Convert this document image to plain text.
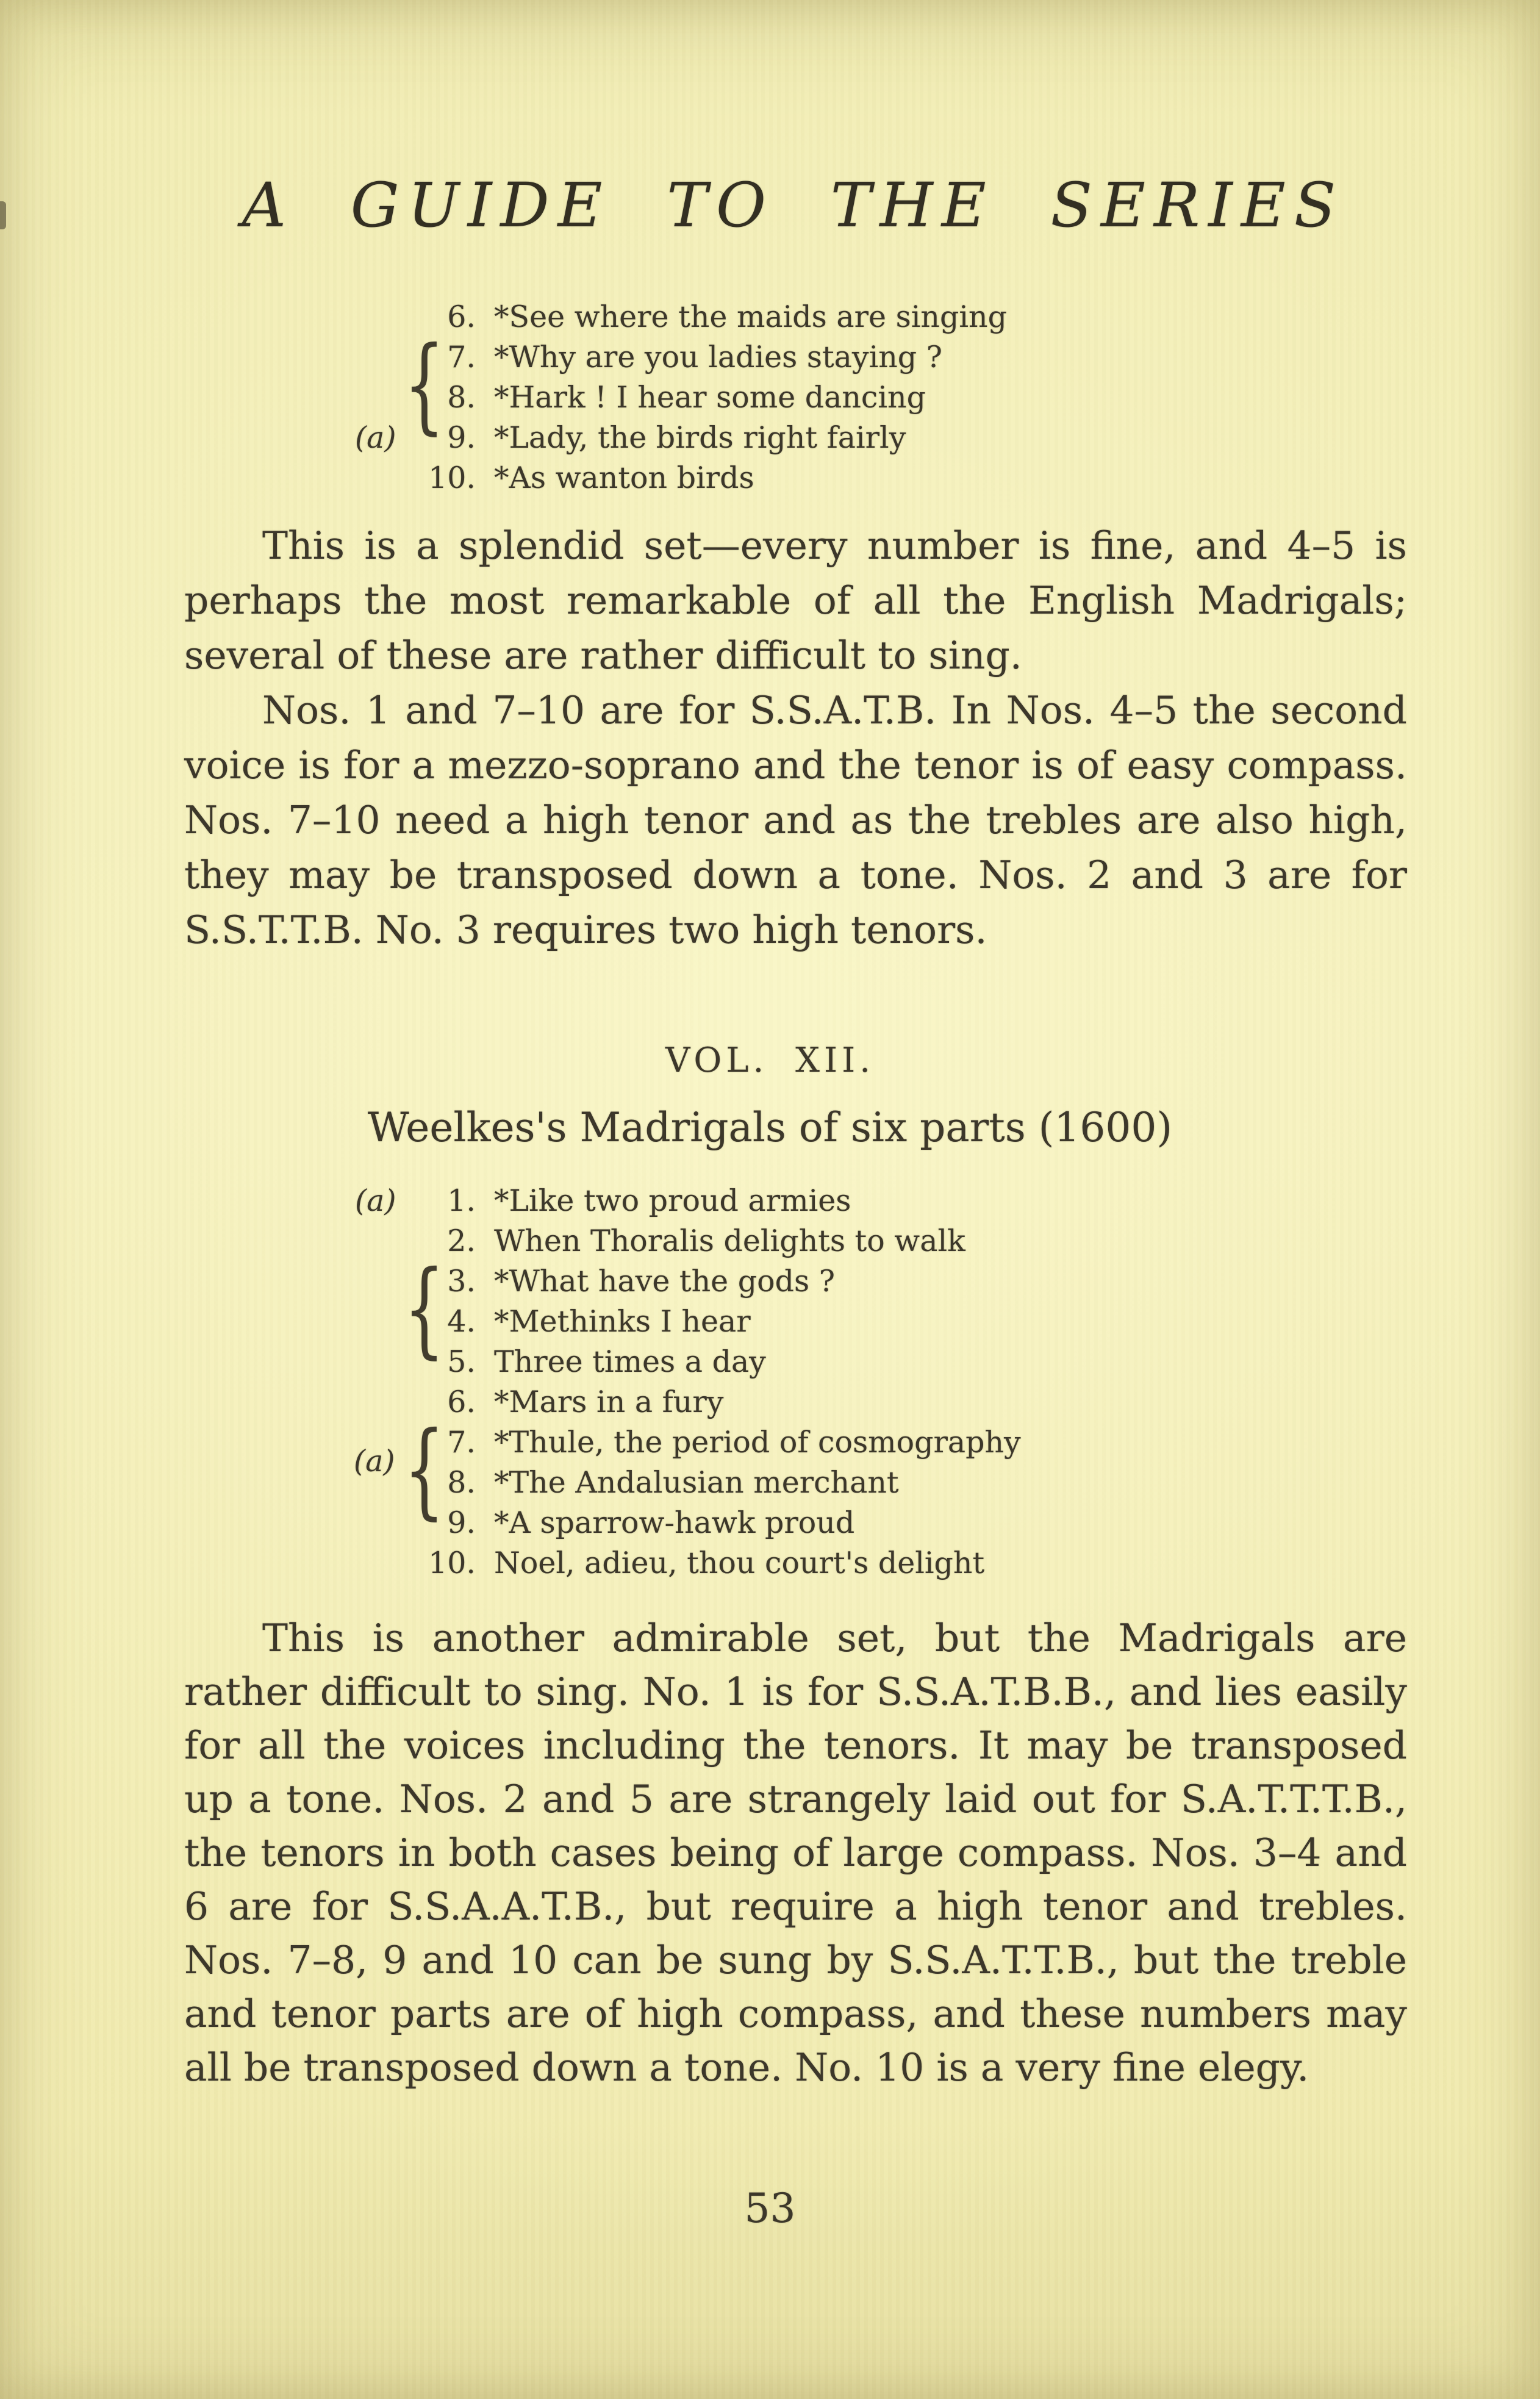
A GUIDE TO THE SERIES
6. *See where the maids are singing
7. *Why are you ladies staying ?
8. *Hark ! I hear some dancing
(a)	9. *Lady, the birds right fairly
10. *As wanton birds
{

This is a splendid set—every number is fine, and 4–5 is perhaps the most remarkable of all the English Madrigals; several of these are rather difficult to sing.

Nos. 1 and 7–10 are for S.S.A.T.B. In Nos. 4–5 the second voice is for a mezzo-soprano and the tenor is of easy compass. Nos. 7–10 need a high tenor and as the trebles are also high, they may be transposed down a tone. Nos. 2 and 3 are for S.S.T.T.B. No. 3 requires two high tenors.

VOL. XII.
Weelkes's Madrigals of six parts (1600)
(a)	1. *Like two proud armies
2. When Thoralis delights to walk
3. *What have the gods ?
4. *Methinks I hear
5. Three times a day
6. *Mars in a fury
7. *Thule, the period of cosmography
8. *The Andalusian merchant
9. *A sparrow-hawk proud
10. Noel, adieu, thou court's delight
{
{
(a)

This is another admirable set, but the Madrigals are rather difficult to sing. No. 1 is for S.S.A.T.B.B., and lies easily for all the voices including the tenors. It may be transposed up a tone. Nos. 2 and 5 are strangely laid out for S.A.T.T.T.B., the tenors in both cases being of large compass. Nos. 3–4 and 6 are for S.S.A.A.T.B., but require a high tenor and trebles. Nos. 7–8, 9 and 10 can be sung by S.S.A.T.T.B., but the treble and tenor parts are of high compass, and these numbers may all be transposed down a tone. No. 10 is a very fine elegy.

53
